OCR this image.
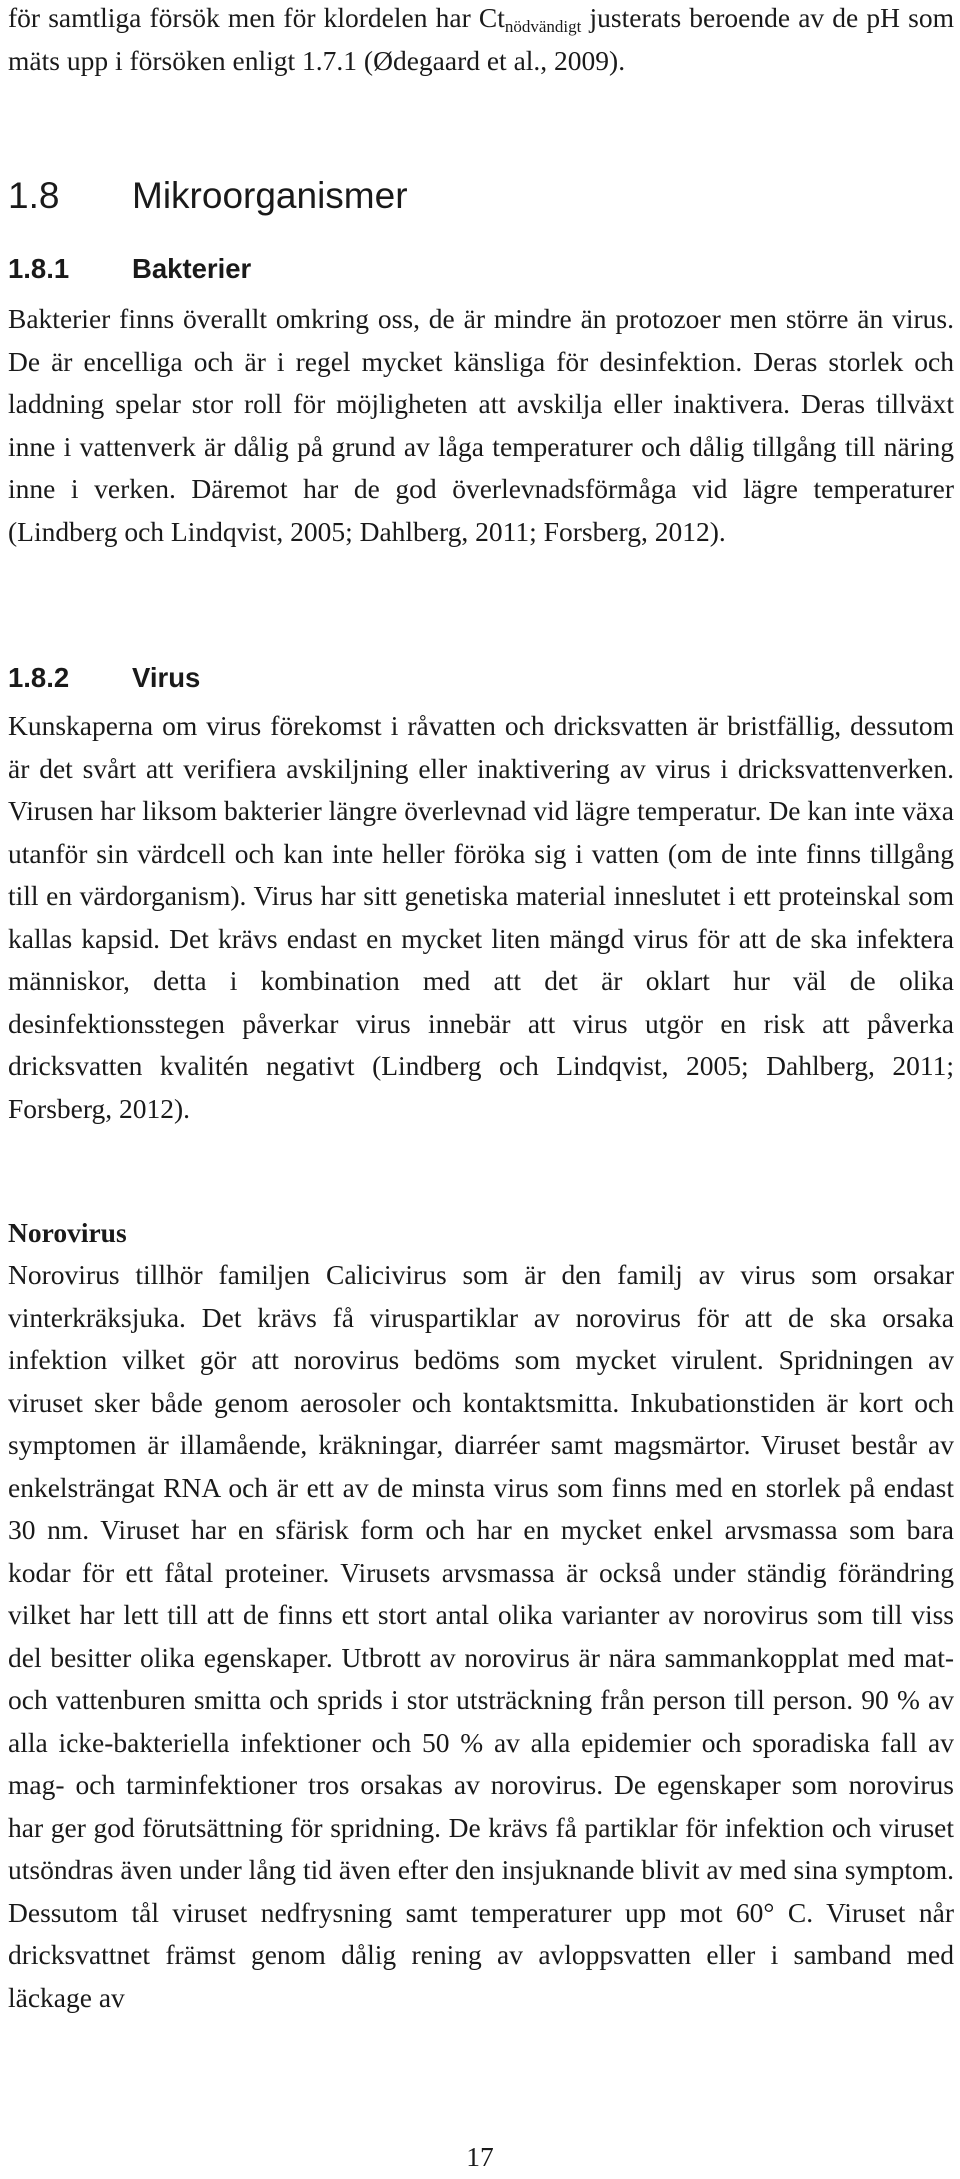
för samtliga försök men för klordelen har $Ct_{nödvändigt}$ justerats beroende av de pH som mäts upp i försöken enligt 1.7.1 (Ødegaard et al., 2009).

1.8 Mikroorganismer
1.8.1 Bakterier

Bakterier finns överallt omkring oss, de är mindre än protozoer men större än virus. De är encelliga och är i regel mycket känsliga för desinfektion. Deras storlek och laddning spelar stor roll för möjligheten att avskilja eller inaktivera. Deras tillväxt inne i vattenverk är dålig på grund av låga temperaturer och dålig tillgång till näring inne i verken. Däremot har de god överlevnadsförmåga vid lägre temperaturer (Lindberg och Lindqvist, 2005; Dahlberg, 2011; Forsberg, 2012).

1.8.2 Virus

Kunskaperna om virus förekomst i råvatten och dricksvatten är bristfällig, dessutom är det svårt att verifiera avskiljning eller inaktivering av virus i dricksvattenverken. Virusen har liksom bakterier längre överlevnad vid lägre temperatur. De kan inte växa utanför sin värdcell och kan inte heller föröka sig i vatten (om de inte finns tillgång till en värdorganism). Virus har sitt genetiska material inneslutet i ett proteinskal som kallas kapsid. Det krävs endast en mycket liten mängd virus för att de ska infektera människor, detta i kombination med att det är oklart hur väl de olika desinfektionsstegen påverkar virus innebär att virus utgör en risk att påverka dricksvatten kvalitén negativt (Lindberg och Lindqvist, 2005; Dahlberg, 2011; Forsberg, 2012).

Norovirus

Norovirus tillhör familjen Calicivirus som är den familj av virus som orsakar vinterkräksjuka. Det krävs få viruspartiklar av norovirus för att de ska orsaka infektion vilket gör att norovirus bedöms som mycket virulent. Spridningen av viruset sker både genom aerosoler och kontaktsmitta. Inkubationstiden är kort och symptomen är illamående, kräkningar, diarréer samt magsmärtor. Viruset består av enkelsträngat RNA och är ett av de minsta virus som finns med en storlek på endast 30 nm. Viruset har en sfärisk form och har en mycket enkel arvsmassa som bara kodar för ett fåtal proteiner. Virusets arvsmassa är också under ständig förändring vilket har lett till att de finns ett stort antal olika varianter av norovirus som till viss del besitter olika egenskaper. Utbrott av norovirus är nära sammankopplat med mat- och vattenburen smitta och sprids i stor utsträckning från person till person. 90 % av alla icke-bakteriella infektioner och 50 % av alla epidemier och sporadiska fall av mag- och tarminfektioner tros orsakas av norovirus. De egenskaper som norovirus har ger god förutsättning för spridning. De krävs få partiklar för infektion och viruset utsöndras även under lång tid även efter den insjuknande blivit av med sina symptom. Dessutom tål viruset nedfrysning samt temperaturer upp mot 60° C. Viruset når dricksvattnet främst genom dålig rening av avloppsvatten eller i samband med läckage av

17
